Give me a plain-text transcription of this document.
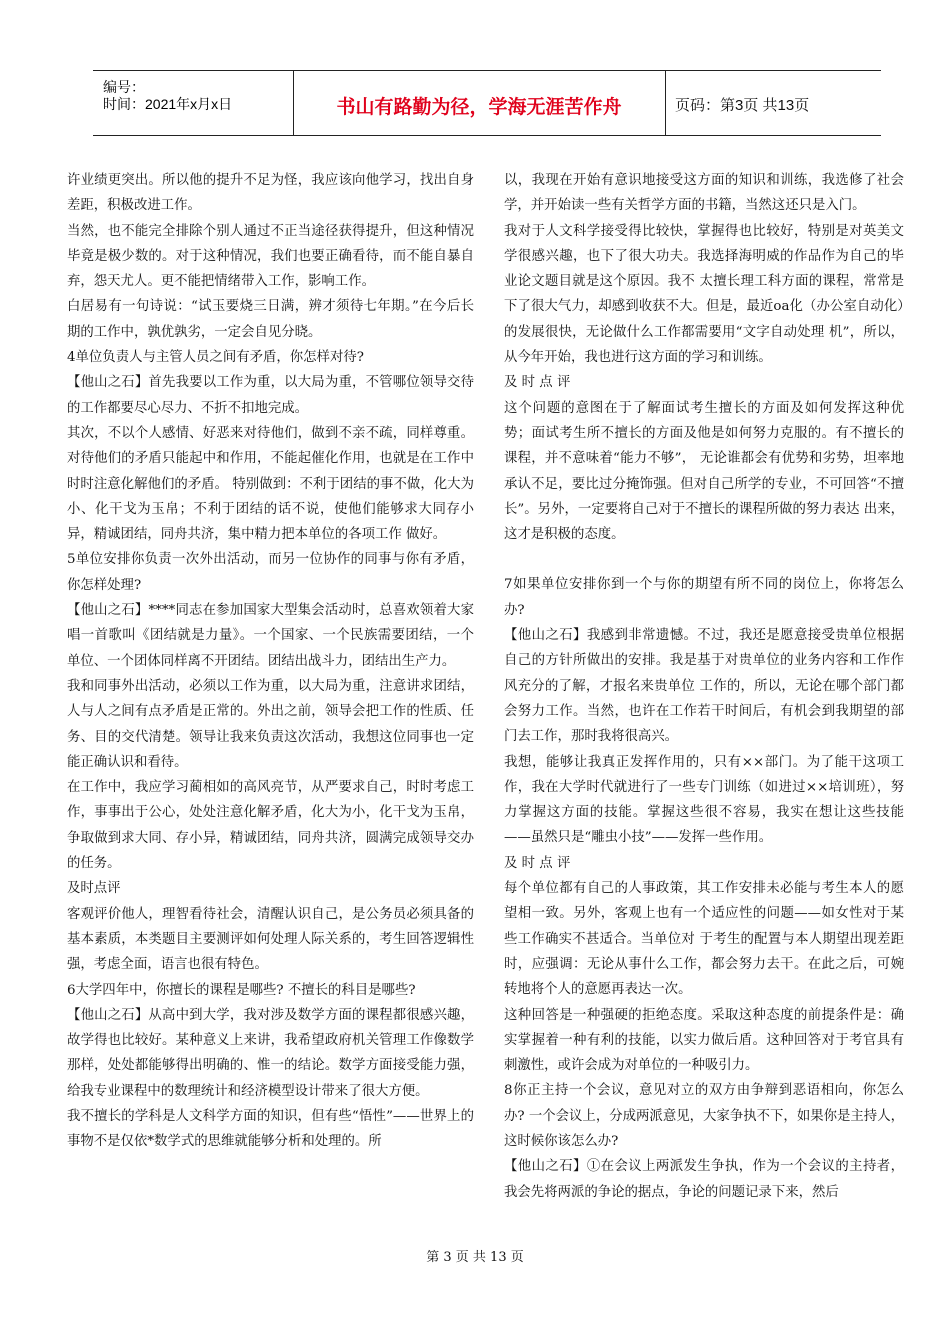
编号：
时间：2021年x月x日	书山有路勤为径，学海无涯苦作舟	页码：第3页 共13页

许业绩更突出。所以他的提升不足为怪，我应该向他学习，找出自身差距，积极改进工作。

当然，也不能完全排除个别人通过不正当途径获得提升，但这种情况毕竟是极少数的。对于这种情况，我们也要正确看待，而不能自暴自弃，怨天尤人。更不能把情绪带入工作，影响工作。

白居易有一句诗说：“试玉要烧三日满，辨才须待七年期。”在今后长期的工作中，孰优孰劣，一定会自见分晓。

4单位负责人与主管人员之间有矛盾，你怎样对待?

【他山之石】首先我要以工作为重，以大局为重，不管哪位领导交待的工作都要尽心尽力、不折不扣地完成。

其次，不以个人感情、好恶来对待他们，做到不亲不疏，同样尊重。对待他们的矛盾只能起中和作用，不能起催化作用，也就是在工作中时时注意化解他们的矛盾。 特别做到：不利于团结的事不做，化大为小、化干戈为玉帛；不利于团结的话不说，使他们能够求大同存小异，精诚团结，同舟共济，集中精力把本单位的各项工作 做好。

5单位安排你负责一次外出活动，而另一位协作的同事与你有矛盾，你怎样处理?

【他山之石】****同志在参加国家大型集会活动时，总喜欢领着大家唱一首歌叫《团结就是力量》。一个国家、一个民族需要团结，一个单位、一个团体同样离不开团结。团结出战斗力，团结出生产力。

我和同事外出活动，必须以工作为重，以大局为重，注意讲求团结，人与人之间有点矛盾是正常的。外出之前，领导会把工作的性质、任务、目的交代清楚。领导让我来负责这次活动，我想这位同事也一定能正确认识和看待。

在工作中，我应学习蔺相如的高风亮节，从严要求自己，时时考虑工作，事事出于公心，处处注意化解矛盾，化大为小，化干戈为玉帛，争取做到求大同、存小异，精诚团结，同舟共济，圆满完成领导交办的任务。

及时点评

客观评价他人，理智看待社会，清醒认识自己，是公务员必须具备的基本素质，本类题目主要测评如何处理人际关系的，考生回答逻辑性强，考虑全面，语言也很有特色。

6大学四年中，你擅长的课程是哪些? 不擅长的科目是哪些?

【他山之石】从高中到大学，我对涉及数学方面的课程都很感兴趣，故学得也比较好。某种意义上来讲，我希望政府机关管理工作像数学那样，处处都能够得出明确的、惟一的结论。数学方面接受能力强，给我专业课程中的数理统计和经济模型设计带来了很大方便。

我不擅长的学科是人文科学方面的知识，但有些“悟性”——世界上的事物不是仅依*数学式的思维就能够分析和处理的。所

以，我现在开始有意识地接受这方面的知识和训练，我选修了社会学，并开始读一些有关哲学方面的书籍，当然这还只是入门。

我对于人文科学接受得比较快，掌握得也比较好，特别是对英美文学很感兴趣，也下了很大功夫。我选择海明威的作品作为自己的毕业论文题目就是这个原因。我不 太擅长理工科方面的课程，常常是下了很大气力，却感到收获不大。但是，最近oa化（办公室自动化）的发展很快，无论做什么工作都需要用“文字自动处理 机”，所以，从今年开始，我也进行这方面的学习和训练。

及 时 点 评

这个问题的意图在于了解面试考生擅长的方面及如何发挥这种优势；面试考生所不擅长的方面及他是如何努力克服的。有不擅长的课程，并不意味着“能力不够”， 无论谁都会有优势和劣势，坦率地承认不足，要比过分掩饰强。但对自己所学的专业，不可回答“不擅长”。另外，一定要将自己对于不擅长的课程所做的努力表达 出来，这才是积极的态度。

7如果单位安排你到一个与你的期望有所不同的岗位上，你将怎么办?

【他山之石】我感到非常遗憾。不过，我还是愿意接受贵单位根据自己的方针所做出的安排。我是基于对贵单位的业务内容和工作作风充分的了解，才报名来贵单位 工作的，所以，无论在哪个部门都会努力工作。当然，也许在工作若干时间后，有机会到我期望的部门去工作，那时我将很高兴。

我想，能够让我真正发挥作用的，只有××部门。为了能干这项工作，我在大学时代就进行了一些专门训练（如进过××培训班），努力掌握这方面的技能。掌握这些很不容易，我实在想让这些技能——虽然只是“雕虫小技”——发挥一些作用。

及 时 点 评

每个单位都有自己的人事政策，其工作安排未必能与考生本人的愿望相一致。另外，客观上也有一个适应性的问题——如女性对于某些工作确实不甚适合。当单位对 于考生的配置与本人期望出现差距时，应强调：无论从事什么工作，都会努力去干。在此之后，可婉转地将个人的意愿再表达一次。

这种回答是一种强硬的拒绝态度。采取这种态度的前提条件是：确实掌握着一种有利的技能，以实力做后盾。这种回答对于考官具有刺激性，或许会成为对单位的一种吸引力。

8你正主持一个会议，意见对立的双方由争辩到恶语相向，你怎么办? 一个会议上，分成两派意见，大家争执不下，如果你是主持人，这时候你该怎么办?

【他山之石】①在会议上两派发生争执，作为一个会议的主持者，我会先将两派的争论的据点，争论的问题记录下来，然后

第 3 页 共 13 页
